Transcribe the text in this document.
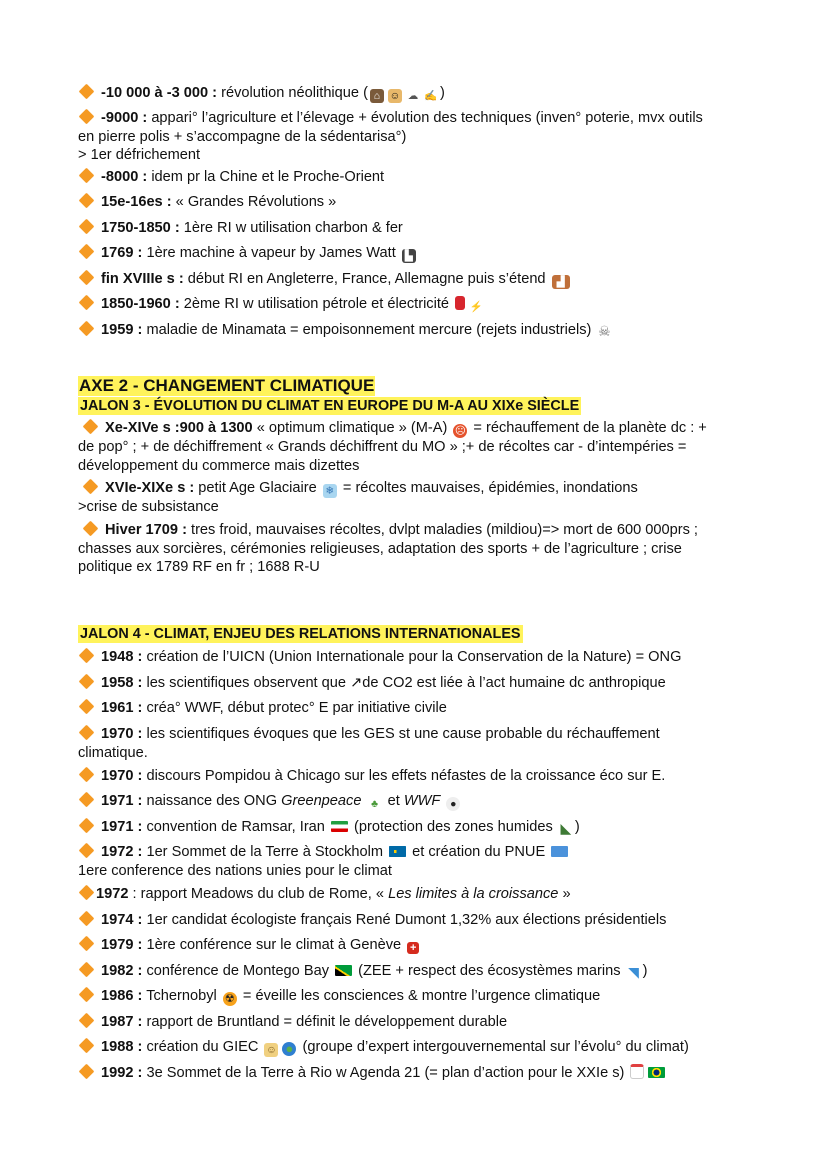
-10 000 à -3 000 : révolution néolithique ( ⌂ ☺ ☁ ✍ )
-9000 : appari° l’agriculture et l’élevage + évolution des techniques (inven° poterie, mvx outils
en pierre polis + s’accompagne de la sédentarisa°)
> 1er défrichement
-8000 : idem pr la Chine et le Proche-Orient
15e-16es : « Grandes Révolutions »
1750-1850 : 1ère RI w utilisation charbon & fer
1769 : 1ère machine à vapeur by James Watt ▙
fin XVIIIe s : début RI en Angleterre, France, Allemagne puis s’étend ▟
1850-1960 : 2ème RI w utilisation pétrole et électricité ⚡
1959 : maladie de Minamata = empoisonnement mercure (rejets industriels) ☠
AXE 2 - CHANGEMENT CLIMATIQUE
JALON 3 - ÉVOLUTION DU CLIMAT EN EUROPE DU M-A AU XIXe SIÈCLE
Xe-XIVe s :900 à 1300 « optimum climatique » (M-A) ☹ = réchauffement de la planète dc : +
de pop° ; + de déchiffrement « Grands déchiffrent du MO » ;+ de récoltes car - d’intempéries =
développement du commerce mais dizettes
XVIe-XIXe s : petit Age Glaciaire ❄ = récoltes mauvaises, épidémies, inondations
>crise de subsistance
Hiver 1709 : tres froid, mauvaises récoltes, dvlpt maladies (mildiou)=> mort de 600 000prs ;
chasses aux sorcières, cérémonies religieuses, adaptation des sports + de l’agriculture ; crise
politique ex 1789 RF en fr ; 1688 R-U
JALON 4 - CLIMAT, ENJEU DES RELATIONS INTERNATIONALES
1948 : création de l’UICN (Union Internationale pour la Conservation de la Nature) = ONG
1958 : les scientifiques observent que ↗de CO2 est liée à l’act humaine dc anthropique
1961 : créa° WWF, début protec° E par initiative civile
1970 : les scientifiques évoques que les GES st une cause probable du réchauffement
climatique.
1970 : discours Pompidou à Chicago sur les effets néfastes de la croissance éco sur E.
1971 : naissance des ONG Greenpeace ♣ et WWF ●
1971 : convention de Ramsar, Iran (protection des zones humides ◣ )
1972 : 1er Sommet de la Terre à Stockholm et création du PNUE
1ere conference des nations unies pour le climat
1972 : rapport Meadows du club de Rome, « Les limites à la croissance »
1974 : 1er candidat écologiste français René Dumont 1,32% aux élections présidentiels
1979 : 1ère conférence sur le climat à Genève +
1982 : conférence de Montego Bay (ZEE + respect des écosystèmes marins ◥ )
1986 : Tchernobyl ☢ = éveille les consciences & montre l’urgence climatique
1987 : rapport de Bruntland = définit le développement durable
1988 : création du GIEC ☺ ● (groupe d’expert intergouvernemental sur l’évolu° du climat)
1992 : 3e Sommet de la Terre à Rio w Agenda 21 (= plan d’action pour le XXIe s)
